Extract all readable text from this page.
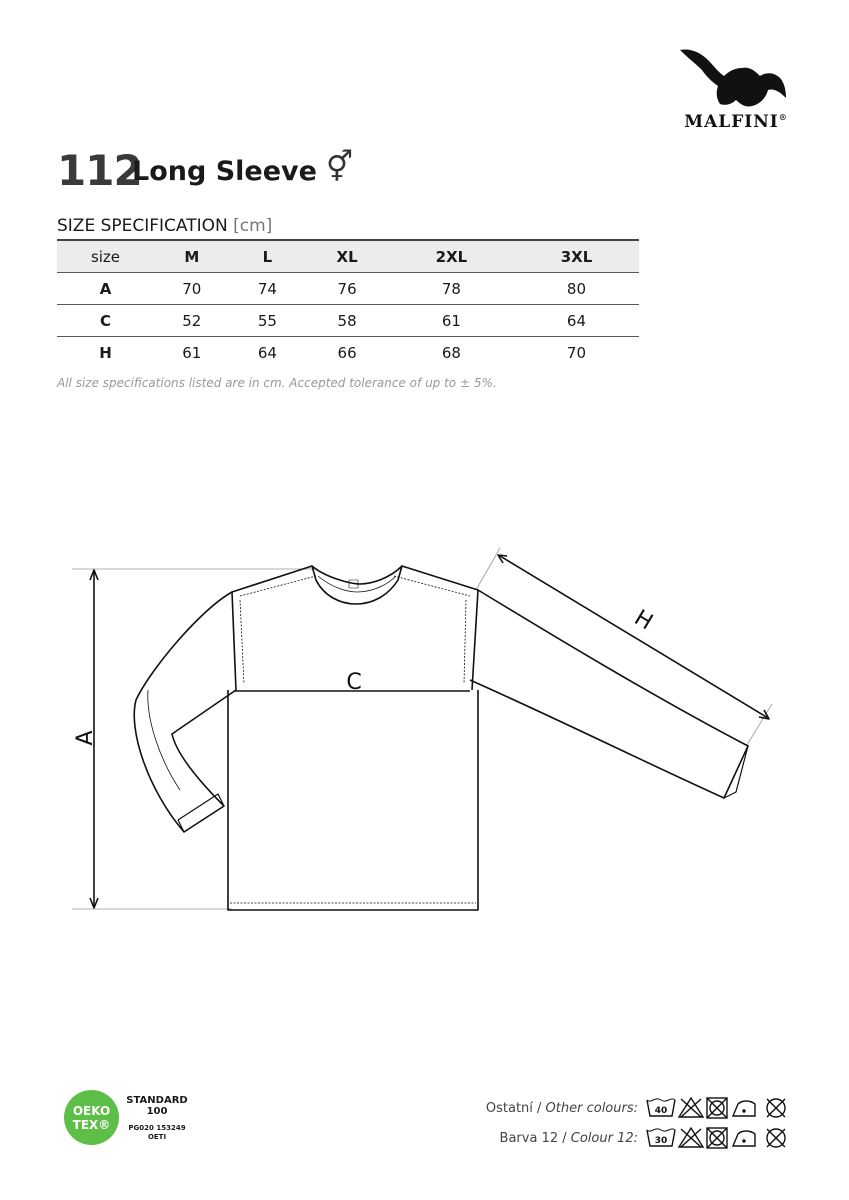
MALFINI®
112
Long Sleeve ⚥
SIZE SPECIFICATION [cm]
size	M	L	XL	2XL	3XL
A	70	74	76	78	80
C	52	55	58	61	64
H	61	64	66	68	70
All size specifications listed are in cm. Accepted tolerance of up to ± 5%.
A
C
H
OEKO
TEX®
STANDARD
100
PG020 153249
OETI
Ostatní / Other colours: 40
Barva 12 / Colour 12: 30
